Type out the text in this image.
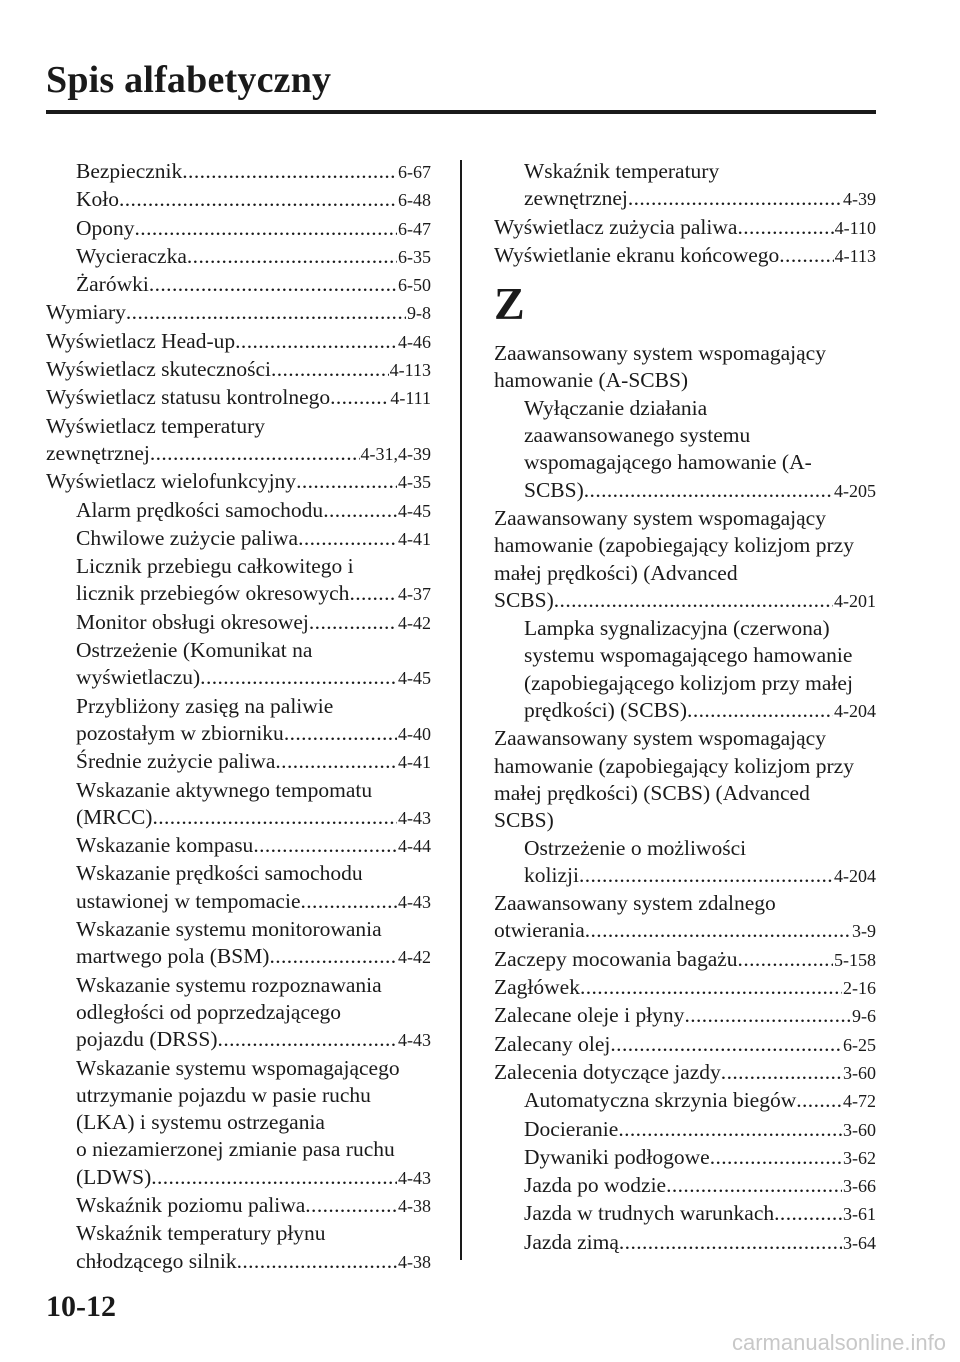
Spis alfabetyczny
Bezpiecznik .....	6-67
Koło .....	6-48
Opony .....	6-47
Wycieraczka .....	6-35
Żarówki .....	6-50
Wymiary .....	9-8
Wyświetlacz Head-up .....	4-46
Wyświetlacz skuteczności .....	4-113
Wyświetlacz statusu kontrolnego .....	4-111
Wyświetlacz temperatury
zewnętrznej .....	4-31,4-39
Wyświetlacz wielofunkcyjny .....	4-35
Alarm prędkości samochodu .....	4-45
Chwilowe zużycie paliwa .....	4-41
Licznik przebiegu całkowitego i
licznik przebiegów okresowych .....	4-37
Monitor obsługi okresowej .....	4-42
Ostrzeżenie (Komunikat na
wyświetlaczu) .....	4-45
Przybliżony zasięg na paliwie
pozostałym w zbiorniku .....	4-40
Średnie zużycie paliwa .....	4-41
Wskazanie aktywnego tempomatu
(MRCC) .....	4-43
Wskazanie kompasu .....	4-44
Wskazanie prędkości samochodu
ustawionej w tempomacie .....	4-43
Wskazanie systemu monitorowania
martwego pola (BSM) .....	4-42
Wskazanie systemu rozpoznawania
odległości od poprzedzającego
pojazdu (DRSS) .....	4-43
Wskazanie systemu wspomagającego
utrzymanie pojazdu w pasie ruchu
(LKA) i systemu ostrzegania
o niezamierzonej zmianie pasa ruchu
(LDWS) .....	4-43
Wskaźnik poziomu paliwa .....	4-38
Wskaźnik temperatury płynu
chłodzącego silnik .....	4-38
Wskaźnik temperatury
zewnętrznej .....	4-39
Wyświetlacz zużycia paliwa .....	4-110
Wyświetlanie ekranu końcowego .....	4-113
Z
Zaawansowany system wspomagający
hamowanie (A-SCBS)
Wyłączanie działania
zaawansowanego systemu
wspomagającego hamowanie (A-
SCBS) .....	4-205
Zaawansowany system wspomagający
hamowanie (zapobiegający kolizjom przy
małej prędkości) (Advanced
SCBS) .....	4-201
Lampka sygnalizacyjna (czerwona)
systemu wspomagającego hamowanie
(zapobiegającego kolizjom przy małej
prędkości) (SCBS) .....	4-204
Zaawansowany system wspomagający
hamowanie (zapobiegający kolizjom przy
małej prędkości) (SCBS) (Advanced
SCBS)
Ostrzeżenie o możliwości
kolizji .....	4-204
Zaawansowany system zdalnego
otwierania .....	3-9
Zaczepy mocowania bagażu .....	5-158
Zagłówek .....	2-16
Zalecane oleje i płyny .....	9-6
Zalecany olej .....	6-25
Zalecenia dotyczące jazdy .....	3-60
Automatyczna skrzynia biegów .....	4-72
Docieranie .....	3-60
Dywaniki podłogowe .....	3-62
Jazda po wodzie .....	3-66
Jazda w trudnych warunkach .....	3-61
Jazda zimą .....	3-64
10-12
carmanualsonline.info
